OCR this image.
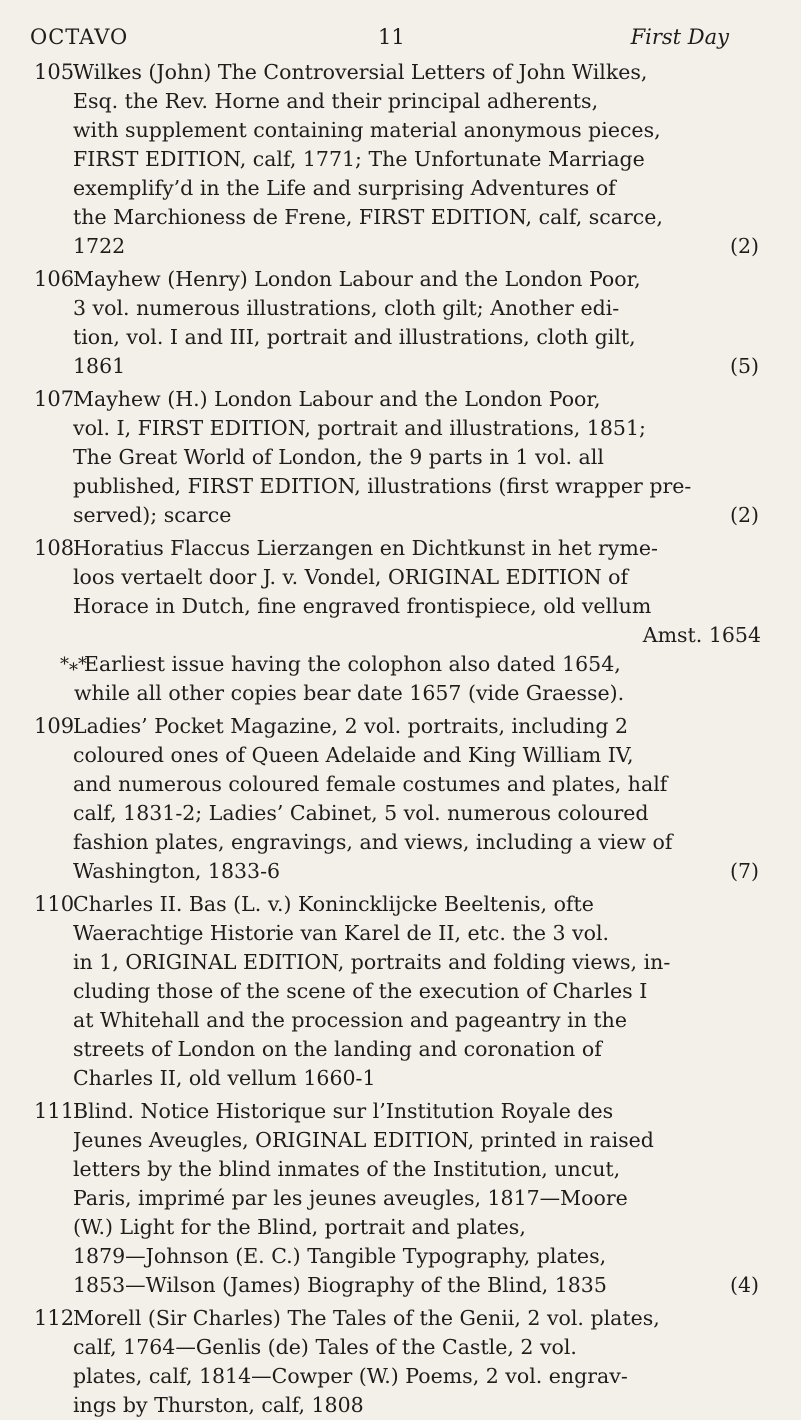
OCTAVO	11	First Day
105
Wilkes (John) The Controversial Letters of John Wilkes,
Esq. the Rev. Horne and their principal adherents,
with supplement containing material anonymous pieces,
FIRST EDITION, calf, 1771; The Unfortunate Marriage
exemplify’d in the Life and surprising Adventures of
the Marchioness de Frene, FIRST EDITION, calf, scarce,
1722	(2)
106
Mayhew (Henry) London Labour and the London Poor,
3 vol. numerous illustrations, cloth gilt; Another edi-
tion, vol. I and III, portrait and illustrations, cloth gilt,
1861	(5)
107
Mayhew (H.) London Labour and the London Poor,
vol. I, FIRST EDITION, portrait and illustrations, 1851;
The Great World of London, the 9 parts in 1 vol. all
published, FIRST EDITION, illustrations (first wrapper pre-
served); scarce	(2)
108
Horatius Flaccus Lierzangen en Dichtkunst in het ryme-
loos vertaelt door J. v. Vondel, ORIGINAL EDITION of
Horace in Dutch, fine engraved frontispiece, old vellum
Amst. 1654
*⁎*
Earliest issue having the colophon also dated 1654,
while all other copies bear date 1657 (vide Graesse).
109
Ladies’ Pocket Magazine, 2 vol. portraits, including 2
coloured ones of Queen Adelaide and King William IV,
and numerous coloured female costumes and plates, half
calf, 1831-2; Ladies’ Cabinet, 5 vol. numerous coloured
fashion plates, engravings, and views, including a view of
Washington, 1833-6	(7)
110
Charles II. Bas (L. v.) Konincklijcke Beeltenis, ofte
Waerachtige Historie van Karel de II, etc. the 3 vol.
in 1, ORIGINAL EDITION, portraits and folding views, in-
cluding those of the scene of the execution of Charles I
at Whitehall and the procession and pageantry in the
streets of London on the landing and coronation of
Charles II, old vellum 1660-1
111
Blind. Notice Historique sur l’Institution Royale des
Jeunes Aveugles, ORIGINAL EDITION, printed in raised
letters by the blind inmates of the Institution, uncut,
Paris, imprimé par les jeunes aveugles, 1817—Moore
(W.) Light for the Blind, portrait and plates,
1879—Johnson (E. C.) Tangible Typography, plates,
1853—Wilson (James) Biography of the Blind, 1835	(4)
112
Morell (Sir Charles) The Tales of the Genii, 2 vol. plates,
calf, 1764—Genlis (de) Tales of the Castle, 2 vol.
plates, calf, 1814—Cowper (W.) Poems, 2 vol. engrav-
ings by Thurston, calf, 1808
